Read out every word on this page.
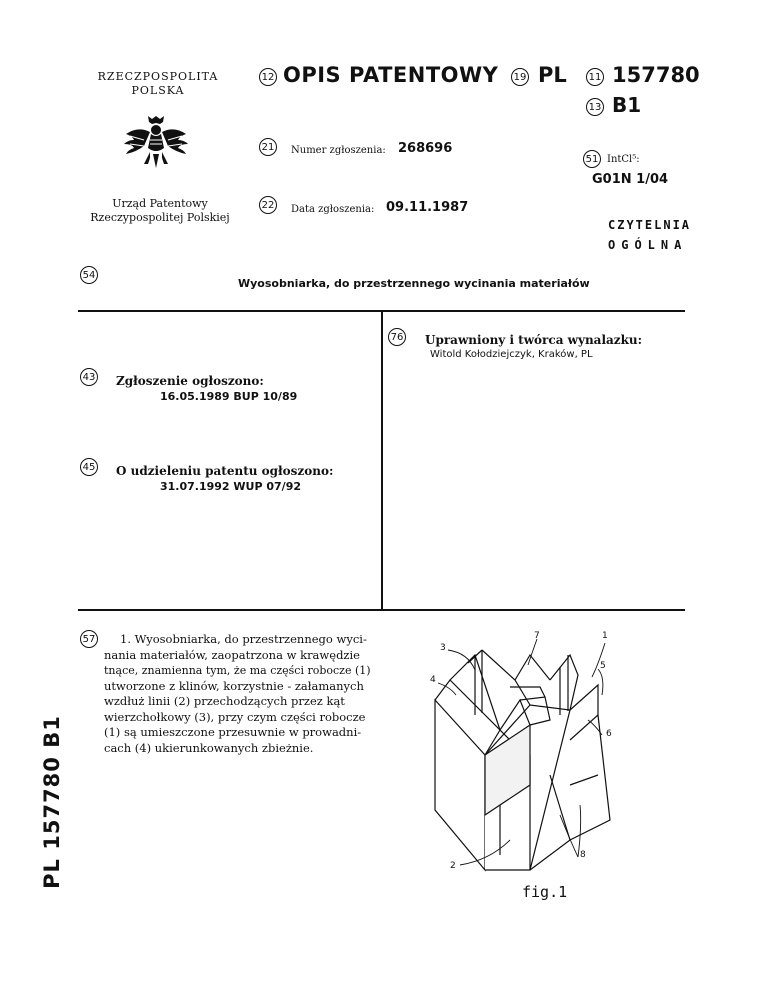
RZECZPOSPOLITA
POLSKA
Urząd Patentowy
Rzeczypospolitej Polskiej
12 OPIS PATENTOWY 19 PL 11 157780
13 B1
21 Numer zgłoszenia: 268696
51 IntCl⁵:
G01N 1/04
22 Data zgłoszenia: 09.11.1987
CZYTELNIA
OGÓLNA
54
Wyosobniarka, do przestrzennego wycinania materiałów
43 Zgłoszenie ogłoszono:
16.05.1989 BUP 10/89
45 O udzieleniu patentu ogłoszono:
31.07.1992 WUP 07/92
76 Uprawniony i twórca wynalazku:
Witold Kołodziejczyk, Kraków, PL
57	1. Wyosobniarka, do przestrzennego wyci-
nania materiałów, zaopatrzona w krawędzie
tnące, znamienna tym, że ma części robocze (1)
utworzone z klinów, korzystnie - załamanych
wzdłuż linii (2) przechodzących przez kąt
wierzchołkowy (3), przy czym części robocze
(1) są umieszczone przesuwnie w prowadni-
cach (4) ukierunkowanych zbieżnie.
PL 157780 B1
1
2
3
4
5
6
7
8
fig.1
